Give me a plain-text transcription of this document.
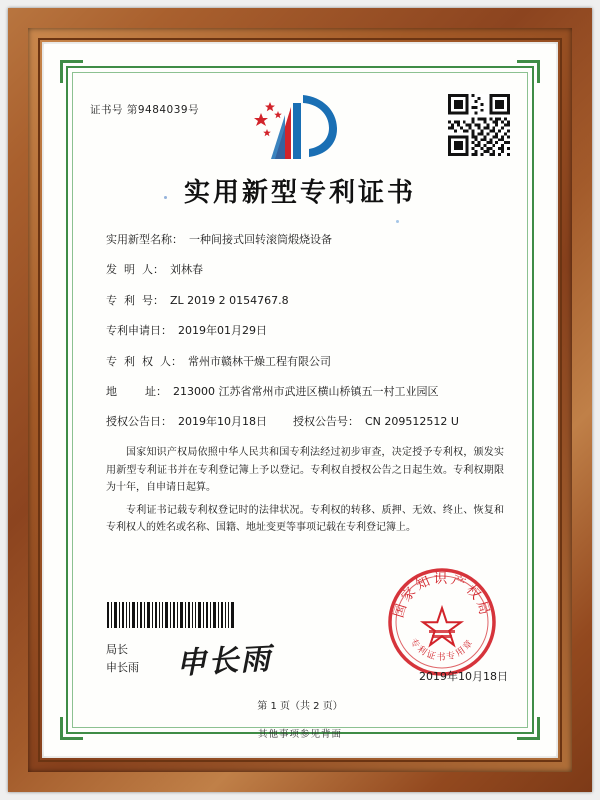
证书号 第9484039号
实用新型专利证书
实用新型名称： 一种间接式回转滚筒煅烧设备
发  明  人： 刘林春
专  利  号： ZL 2019 2 0154767.8
专利申请日： 2019年01月29日
专  利  权  人： 常州市赣林干燥工程有限公司
地        址： 213000 江苏省常州市武进区横山桥镇五一村工业园区
授权公告日： 2019年10月18日 授权公告号： CN 209512512 U

国家知识产权局依照中华人民共和国专利法经过初步审查，决定授予专利权，颁发实用新型专利证书并在专利登记簿上予以登记。专利权自授权公告之日起生效。专利权期限为十年，自申请日起算。

专利证书记载专利权登记时的法律状况。专利权的转移、质押、无效、终止、恢复和专利权人的姓名或名称、国籍、地址变更等事项记载在专利登记簿上。

局长
申长雨 申长雨
国家知识产权局
专利证书专用章
2019年10月18日
第 1 页（共 2 页）
其他事项参见背面
